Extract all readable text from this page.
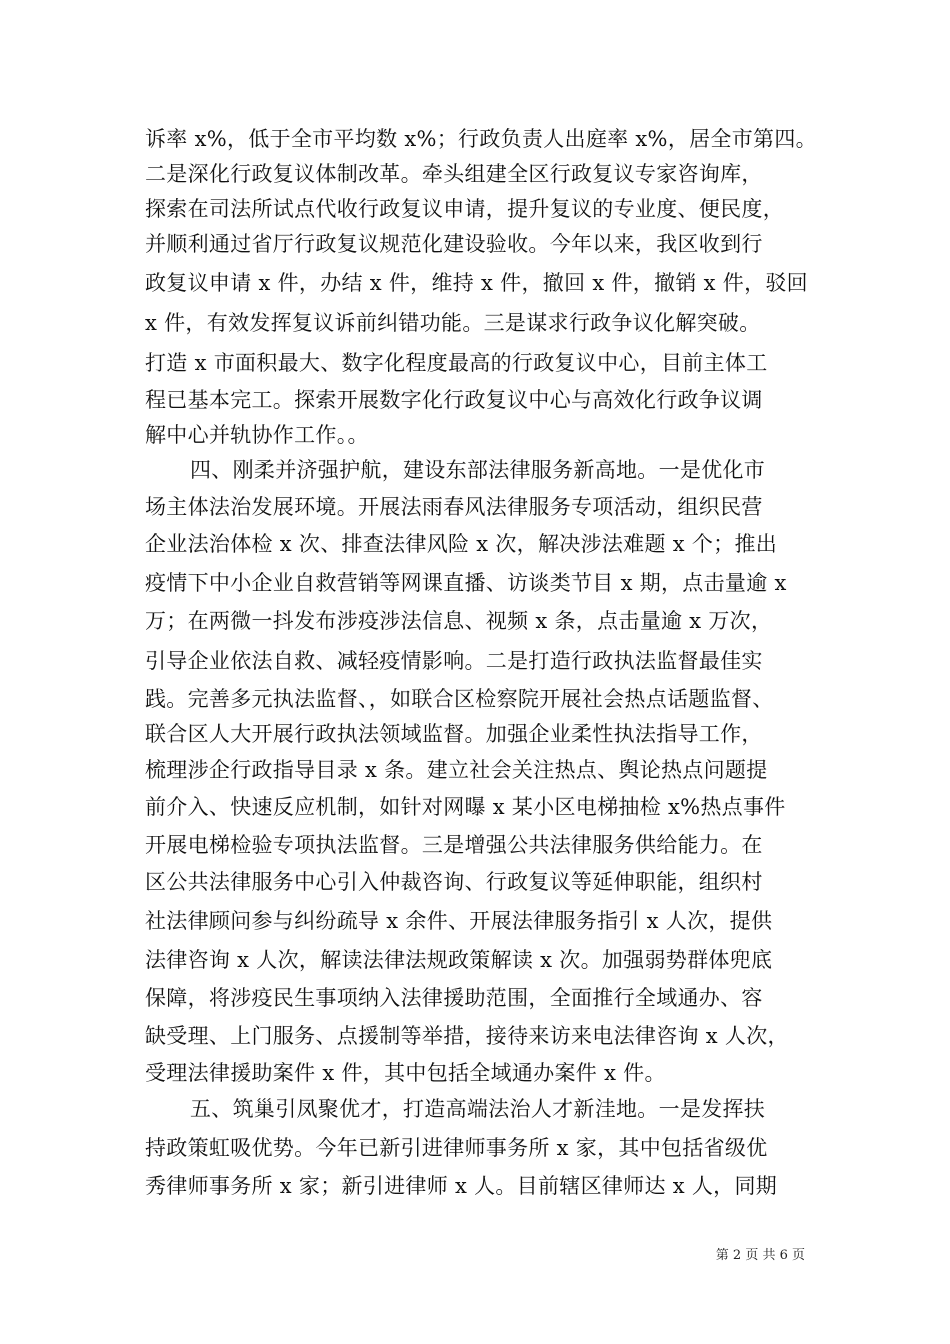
诉率 x%，低于全市平均数 x%；行政负责人出庭率 x%，居全市第四。
二是深化行政复议体制改革。牵头组建全区行政复议专家咨询库，
探索在司法所试点代收行政复议申请，提升复议的专业度、便民度，
并顺利通过省厅行政复议规范化建设验收。今年以来，我区收到行
政复议申请 x 件，办结 x 件，维持 x 件，撤回 x 件，撤销 x 件，驳回
x 件，有效发挥复议诉前纠错功能。三是谋求行政争议化解突破。
打造 x 市面积最大、数字化程度最高的行政复议中心，目前主体工
程已基本完工。探索开展数字化行政复议中心与高效化行政争议调
解中心并轨协作工作。。
四、刚柔并济强护航，建设东部法律服务新高地。一是优化市
场主体法治发展环境。开展法雨春风法律服务专项活动，组织民营
企业法治体检 x 次、排查法律风险 x 次，解决涉法难题 x 个；推出
疫情下中小企业自救营销等网课直播、访谈类节目 x 期，点击量逾 x
万；在两微一抖发布涉疫涉法信息、视频 x 条，点击量逾 x 万次，
引导企业依法自救、减轻疫情影响。二是打造行政执法监督最佳实
践。完善多元执法监督、，如联合区检察院开展社会热点话题监督、
联合区人大开展行政执法领域监督。加强企业柔性执法指导工作，
梳理涉企行政指导目录 x 条。建立社会关注热点、舆论热点问题提
前介入、快速反应机制，如针对网曝 x 某小区电梯抽检 x%热点事件
开展电梯检验专项执法监督。三是增强公共法律服务供给能力。在
区公共法律服务中心引入仲裁咨询、行政复议等延伸职能，组织村
社法律顾问参与纠纷疏导 x 余件、开展法律服务指引 x 人次，提供
法律咨询 x 人次，解读法律法规政策解读 x 次。加强弱势群体兜底
保障，将涉疫民生事项纳入法律援助范围，全面推行全域通办、容
缺受理、上门服务、点援制等举措，接待来访来电法律咨询 x 人次，
受理法律援助案件 x 件，其中包括全域通办案件 x 件。
五、筑巢引凤聚优才，打造高端法治人才新洼地。一是发挥扶
持政策虹吸优势。今年已新引进律师事务所 x 家，其中包括省级优
秀律师事务所 x 家；新引进律师 x 人。目前辖区律师达 x 人，同期
第 2 页 共 6 页
